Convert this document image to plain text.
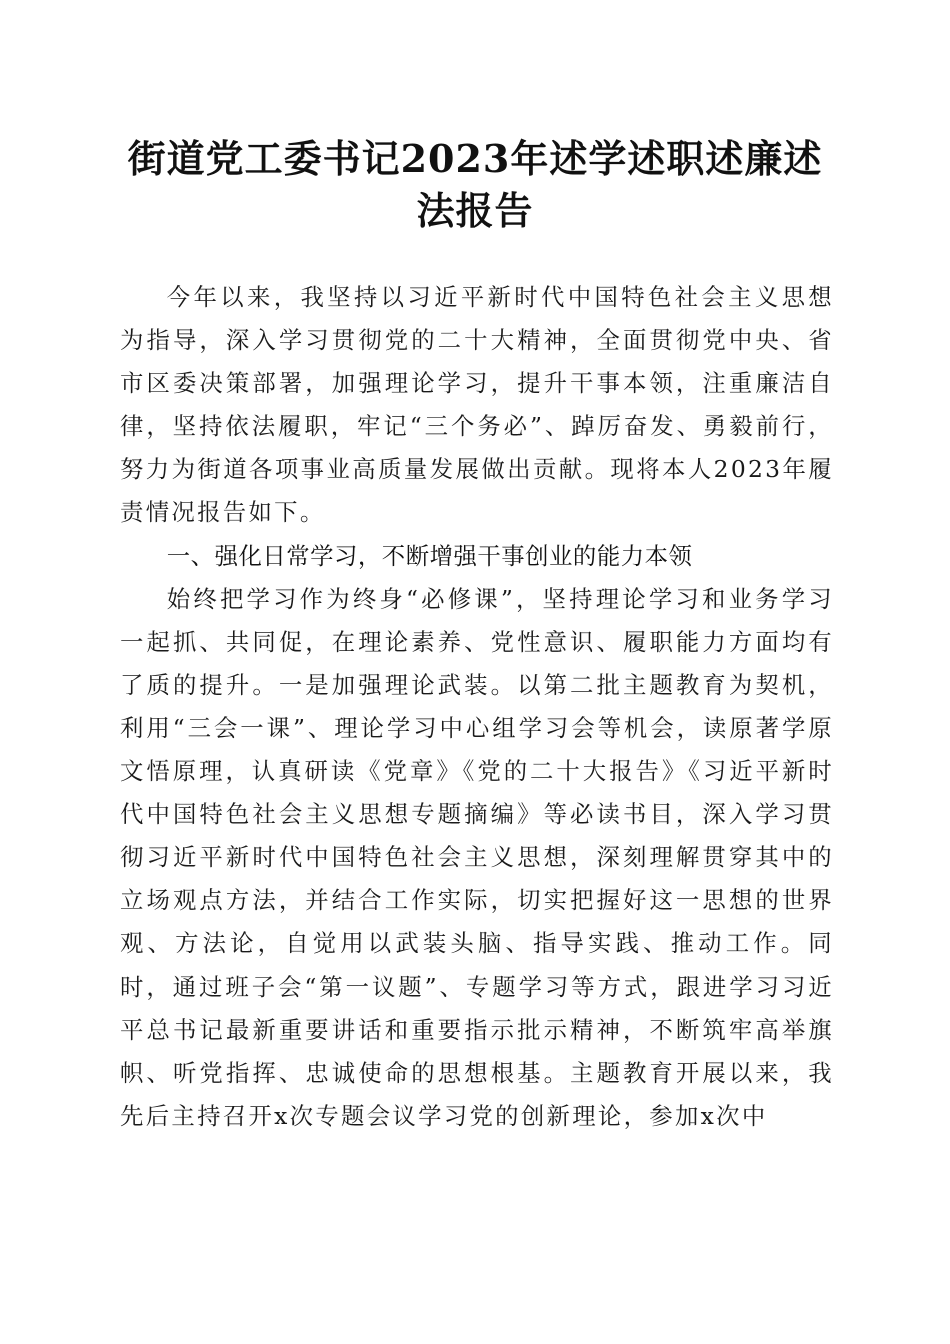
街道党工委书记2023年述学述职述廉述法报告

今年以来，我坚持以习近平新时代中国特色社会主义思想为指导，深入学习贯彻党的二十大精神，全面贯彻党中央、省市区委决策部署，加强理论学习，提升干事本领，注重廉洁自律，坚持依法履职，牢记“三个务必”、踔厉奋发、勇毅前行，努力为街道各项事业高质量发展做出贡献。现将本人2023年履责情况报告如下。

一、强化日常学习，不断增强干事创业的能力本领

始终把学习作为终身“必修课”，坚持理论学习和业务学习一起抓、共同促，在理论素养、党性意识、履职能力方面均有了质的提升。一是加强理论武装。以第二批主题教育为契机，利用“三会一课”、理论学习中心组学习会等机会，读原著学原文悟原理，认真研读《党章》《党的二十大报告》《习近平新时代中国特色社会主义思想专题摘编》等必读书目，深入学习贯彻习近平新时代中国特色社会主义思想，深刻理解贯穿其中的立场观点方法，并结合工作实际，切实把握好这一思想的世界观、方法论，自觉用以武装头脑、指导实践、推动工作。同时，通过班子会“第一议题”、专题学习等方式，跟进学习习近平总书记最新重要讲话和重要指示批示精神，不断筑牢高举旗帜、听党指挥、忠诚使命的思想根基。主题教育开展以来，我先后主持召开x次专题会议学习党的创新理论，参加x次中
